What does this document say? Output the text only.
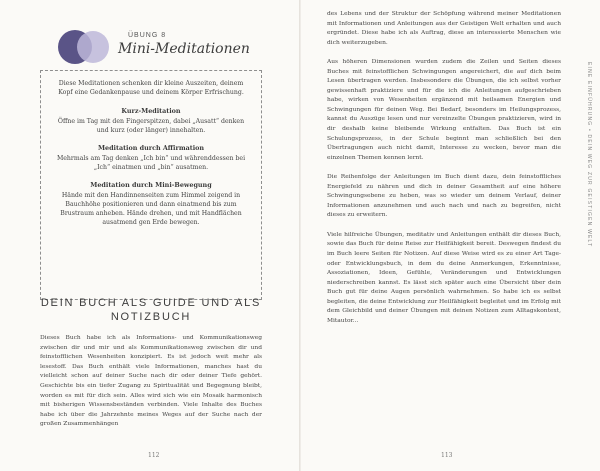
ÜBUNG 8
Mini-Meditationen
Diese Meditationen schenken dir kleine Auszeiten, deinem Kopf eine Gedankenpause und deinem Körper Erfrischung.
Kurz-Meditation

Öffne im Tag mit den Fingerspitzen, dabei „Ausatt“ denken und kurz (oder länger) innehalten.

Meditation durch Affirmation

Mehrmals am Tag denken „Ich bin“ und währenddessen bei „Ich“ einatmen und „bin“ ausatmen.

Meditation durch Mini-Bewegung

Hände mit den Handinnenseiten zum Himmel zeigend in Bauchhöhe positionieren und dann einatmend bis zum Brustraum anheben. Hände drehen, und mit Handflächen ausatmend gen Erde bewegen.

DEIN BUCH ALS GUIDE UND ALS NOTIZBUCH
Dieses Buch habe ich als Informations- und Kommunikationsweg zwischen dir und mir und als Kommunikationsweg zwischen dir und feinstofflichen Wesenheiten konzipiert. Es ist jedoch weit mehr als lesestoff. Das Buch enthält viele Informationen, manches hast du vielleicht schon auf deiner Suche nach dir oder deiner Tiefe gehört. Geschichte bis ein tiefer Zugang zu Spiritualität und Begegnung bleibt, worden es mit für dich sein. Alles wird sich wie ein Mosaik harmonisch mit bisherigen Wissensbeständen verbinden. Viele Inhalte des Buches habe ich über die Jahrzehnte meines Weges auf der Suche nach der großen Zusammenhängen
112

des Lebens und der Struktur der Schöpfung während meiner Meditationen mit Informationen und Anleitungen aus der Geistigen Welt erhalten und auch ergründet. Diese habe ich als Auftrag, diese an interessierte Menschen wie dich weiterzugeben.

Aus höheren Dimensionen wurden zudem die Zeilen und Seiten dieses Buches mit feinstofflichen Schwingungen angereichert, die auf dich beim Lesen übertragen werden. Insbesondere die Übungen, die ich selbst vorher gewissenhaft praktiziere und für die ich die Anleitungen aufgeschrieben habe, wirken von Wesenheiten ergänzend mit heilsamen Energien und Schwingungen für deinen Weg. Bei Bedarf, besonders im Heilungsprozess, kannst du Auszüge lesen und nur vereinzelte Übungen praktizieren, wird in dir deshalb keine bleibende Wirkung entfalten. Das Buch ist ein Schulungsprozess, in der Schule beginnt man schließlich bei den Übertragungen auch nicht damit, Interesse zu wecken, bevor man die einzelnen Themen kennen lernt.

Die Reihenfolge der Anleitungen im Buch dient dazu, dein feinstoffliches Energiefeld zu nähren und dich in deiner Gesamtheit auf eine höhere Schwingungsebene zu heben, was so wieder um deinem Verlauf, deiner Informationen anzunehmen und auch nach und nach zu begreifen, nicht dieses zu erweitern.

Viele hilfreiche Übungen, meditativ und Anleitungen enthält dir dieses Buch, sowie das Buch für deine Reise zur Heilfähigkeit bereit. Deswegen findest du im Buch leere Seiten für Notizen. Auf diese Weise wird es zu einer Art Tage- oder Entwicklungsbuch, in dem du deine Anmerkungen, Erkenntnisse, Assoziationen, Ideen, Gefühle, Veränderungen und Entwicklungen niederschreiben kannst. Es lässt sich später auch eine Übersicht über dein Buch gut für deine Augen persönlich wahrnehmen. So habe ich es selbst begleiten, die deine Entwicklung zur Heilfähigkeit begleitet und im Erfolg mit dem Gleichbild und deiner Übungen mit deinen Notizen zum Alltagskontext, Mitautor...

113
EINE EINFÜHRUNG • DEIN WEG ZUR GEISTIGEN WELT
